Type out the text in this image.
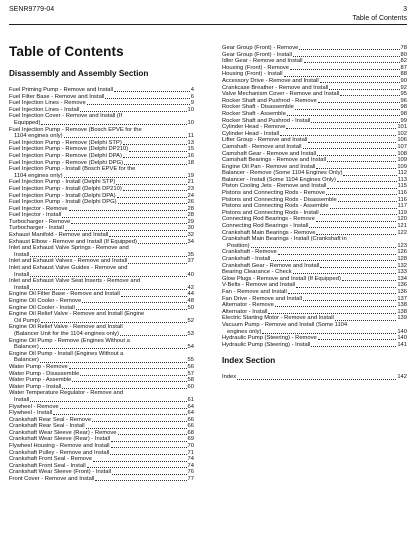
SENR9779-04	3
Table of Contents
Table of Contents
Disassembly and Assembly Section
Fuel Priming Pump - Remove and Install	4
Fuel Filter Base - Remove and Install	6
Fuel Injection Lines - Remove	9
Fuel Injection Lines - Install	10
Fuel Injection Cover - Remove and Install (If
Equipped)	10
Fuel Injection Pump - Remove (Bosch EPVE for the
1104 engines only)	11
Fuel Injection Pump - Remove (Delphi STP)	13
Fuel Injection Pump - Remove (Delphi DP210)	15
Fuel Injection Pump - Remove (Delphi DPA)	16
Fuel Injection Pump - Remove (Delphi DPG)	18
Fuel Injection Pump - Install (Bosch EPVE for the
1104 engines only)	19
Fuel Injection Pump - Install (Delphi STP)	21
Fuel Injection Pump - Install (Delphi DP210)	23
Fuel Injection Pump - Install (Delphi DPA)	24
Fuel Injection Pump - Install (Delphi DPG)	26
Fuel Injector - Remove	28
Fuel Injector - Install	28
Turbocharger - Remove	29
Turbocharger - Install	30
Exhaust Manifold - Remove and Install	32
Exhaust Elbow - Remove and Install (If Equipped)	34
Inlet and Exhaust Valve Springs - Remove and
Install	35
Inlet and Exhaust Valves - Remove and Install	37
Inlet and Exhaust Valve Guides - Remove and
Install	40
Inlet and Exhaust Valve Seat Inserts - Remove and
Install	42
Engine Oil Filter Base - Remove and Install	44
Engine Oil Cooler - Remove	48
Engine Oil Cooler - Install	50
Engine Oil Relief Valve - Remove and Install (Engine
Oil Pump)	52
Engine Oil Relief Valve - Remove and Install
(Balancer Unit for the 1104 engines only)	53
Engine Oil Pump - Remove (Engines Without a
Balancer)	54
Engine Oil Pump - Install (Engines Without a
Balancer)	55
Water Pump - Remove	56
Water Pump - Disassemble	57
Water Pump - Assemble	58
Water Pump - Install	60
Water Temperature Regulator - Remove and
Install	61
Flywheel - Remove	64
Flywheel - Install	64
Crankshaft Rear Seal - Remove	66
Crankshaft Rear Seal - Install	66
Crankshaft Wear Sleeve (Rear) - Remove	68
Crankshaft Wear Sleeve (Rear) - Install	69
Flywheel Housing - Remove and Install	70
Crankshaft Pulley - Remove and Install	71
Crankshaft Front Seal - Remove	74
Crankshaft Front Seal - Install	74
Crankshaft Wear Sleeve (Front) - Install	76
Front Cover - Remove and Install	77
Gear Group (Front) - Remove	78
Gear Group (Front) - Install	80
Idler Gear - Remove and Install	82
Housing (Front) - Remove	87
Housing (Front) - Install	88
Accessory Drive - Remove and Install	90
Crankcase Breather - Remove and Install	92
Valve Mechanism Cover - Remove and Install	95
Rocker Shaft and Pushrod - Remove	96
Rocker Shaft - Disassemble	98
Rocker Shaft - Assemble	98
Rocker Shaft and Pushrod - Install	99
Cylinder Head - Remove	101
Cylinder Head - Install	102
Lifter Group - Remove and Install	106
Camshaft - Remove and Install	107
Camshaft Gear - Remove and Install	108
Camshaft Bearings - Remove and Install	109
Engine Oil Pan - Remove and Install	109
Balancer - Remove (Some 1104 Engines Only)	112
Balancer - Install (Some 1104 Engines Only)	113
Piston Cooling Jets - Remove and Install	115
Pistons and Connecting Rods - Remove	116
Pistons and Connecting Rods - Disassemble	116
Pistons and Connecting Rods - Assemble	117
Pistons and Connecting Rods - Install	119
Connecting Rod Bearings - Remove	120
Connecting Rod Bearings - Install	121
Crankshaft Main Bearings - Remove	122
Crankshaft Main Bearings - Install (Crankshaft in
Position)	123
Crankshaft - Remove	126
Crankshaft - Install	128
Crankshaft Gear - Remove and Install	132
Bearing Clearance - Check	133
Glow Plugs - Remove and Install (If Equipped)	134
V-Belts - Remove and Install	136
Fan - Remove and Install	136
Fan Drive - Remove and Install	137
Alternator - Remove	138
Alternator - Install	138
Electric Starting Motor - Remove and Install	139
Vacuum Pump - Remove and Install (Some 1104
engines only)	140
Hydraulic Pump (Steering) - Remove	140
Hydraulic Pump (Steering) - Install	141
Index Section
Index	142
